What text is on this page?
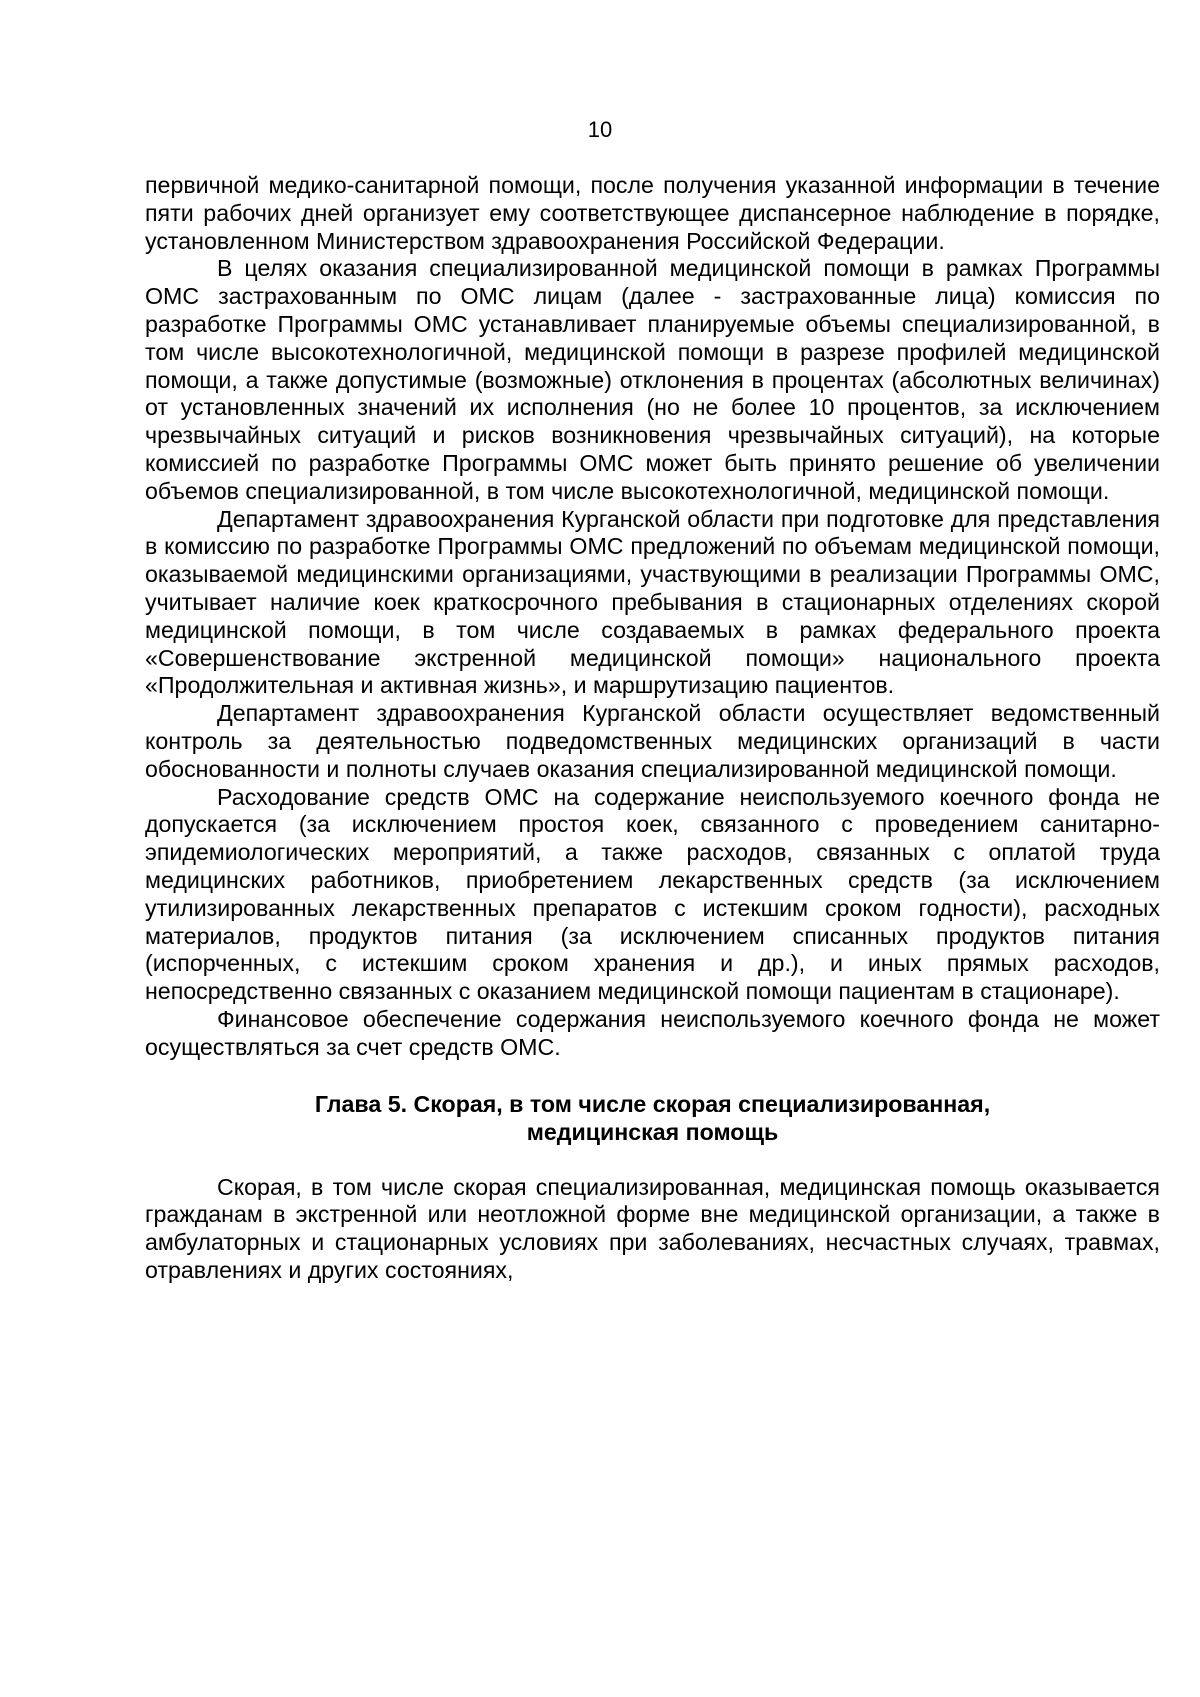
10

первичной медико-санитарной помощи, после получения указанной информации в течение пяти рабочих дней организует ему соответствующее диспансерное наблюдение в порядке, установленном Министерством здравоохранения Российской Федерации.

В целях оказания специализированной медицинской помощи в рамках Программы ОМС застрахованным по ОМС лицам (далее - застрахованные лица) комиссия по разработке Программы ОМС устанавливает планируемые объемы специализированной, в том числе высокотехнологичной, медицинской помощи в разрезе профилей медицинской помощи, а также допустимые (возможные) отклонения в процентах (абсолютных величинах) от установленных значений их исполнения (но не более 10 процентов, за исключением чрезвычайных ситуаций и рисков возникновения чрезвычайных ситуаций), на которые комиссией по разработке Программы ОМС может быть принято решение об увеличении объемов специализированной, в том числе высокотехнологичной, медицинской помощи.

Департамент здравоохранения Курганской области при подготовке для представления в комиссию по разработке Программы ОМС предложений по объемам медицинской помощи, оказываемой медицинскими организациями, участвующими в реализации Программы ОМС, учитывает наличие коек краткосрочного пребывания в стационарных отделениях скорой медицинской помощи, в том числе создаваемых в рамках федерального проекта «Совершенствование экстренной медицинской помощи» национального проекта «Продолжительная и активная жизнь», и маршрутизацию пациентов.

Департамент здравоохранения Курганской области осуществляет ведомственный контроль за деятельностью подведомственных медицинских организаций в части обоснованности и полноты случаев оказания специализированной медицинской помощи.

Расходование средств ОМС на содержание неиспользуемого коечного фонда не допускается (за исключением простоя коек, связанного с проведением санитарно-эпидемиологических мероприятий, а также расходов, связанных с оплатой труда медицинских работников, приобретением лекарственных средств (за исключением утилизированных лекарственных препаратов с истекшим сроком годности), расходных материалов, продуктов питания (за исключением списанных продуктов питания (испорченных, с истекшим сроком хранения и др.), и иных прямых расходов, непосредственно связанных с оказанием медицинской помощи пациентам в стационаре).

Финансовое обеспечение содержания неиспользуемого коечного фонда не может осуществляться за счет средств ОМС.

Глава 5. Скорая, в том числе скорая специализированная,
медицинская помощь

Скорая, в том числе скорая специализированная, медицинская помощь оказывается гражданам в экстренной или неотложной форме вне медицинской организации, а также в амбулаторных и стационарных условиях при заболеваниях, несчастных случаях, травмах, отравлениях и других состояниях,
